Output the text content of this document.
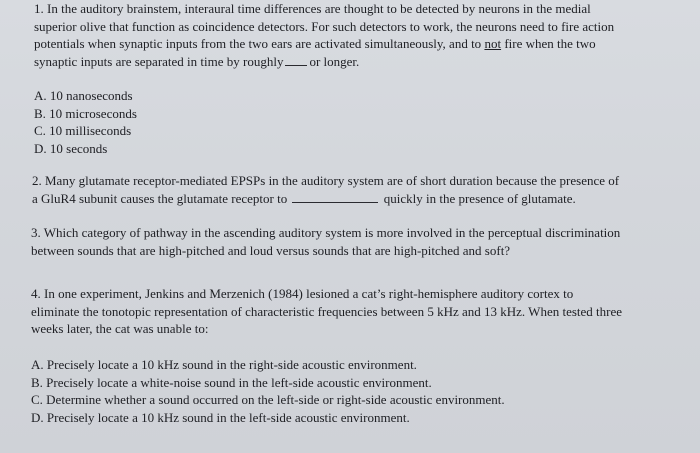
1. In the auditory brainstem, interaural time differences are thought to be detected by neurons in the medial
superior olive that function as coincidence detectors. For such detectors to work, the neurons need to fire action
potentials when synaptic inputs from the two ears are activated simultaneously, and to not fire when the two
synaptic inputs are separated in time by roughly or longer.
A. 10 nanoseconds
B. 10 microseconds
C. 10 milliseconds
D. 10 seconds
2. Many glutamate receptor-mediated EPSPs in the auditory system are of short duration because the presence of
a GluR4 subunit causes the glutamate receptor to	quickly in the presence of glutamate.
3. Which category of pathway in the ascending auditory system is more involved in the perceptual discrimination
between sounds that are high-pitched and loud versus sounds that are high-pitched and soft?
4. In one experiment, Jenkins and Merzenich (1984) lesioned a cat’s right-hemisphere auditory cortex to
eliminate the tonotopic representation of characteristic frequencies between 5 kHz and 13 kHz. When tested three
weeks later, the cat was unable to:
A. Precisely locate a 10 kHz sound in the right-side acoustic environment.
B. Precisely locate a white-noise sound in the left-side acoustic environment.
C. Determine whether a sound occurred on the left-side or right-side acoustic environment.
D. Precisely locate a 10 kHz sound in the left-side acoustic environment.
